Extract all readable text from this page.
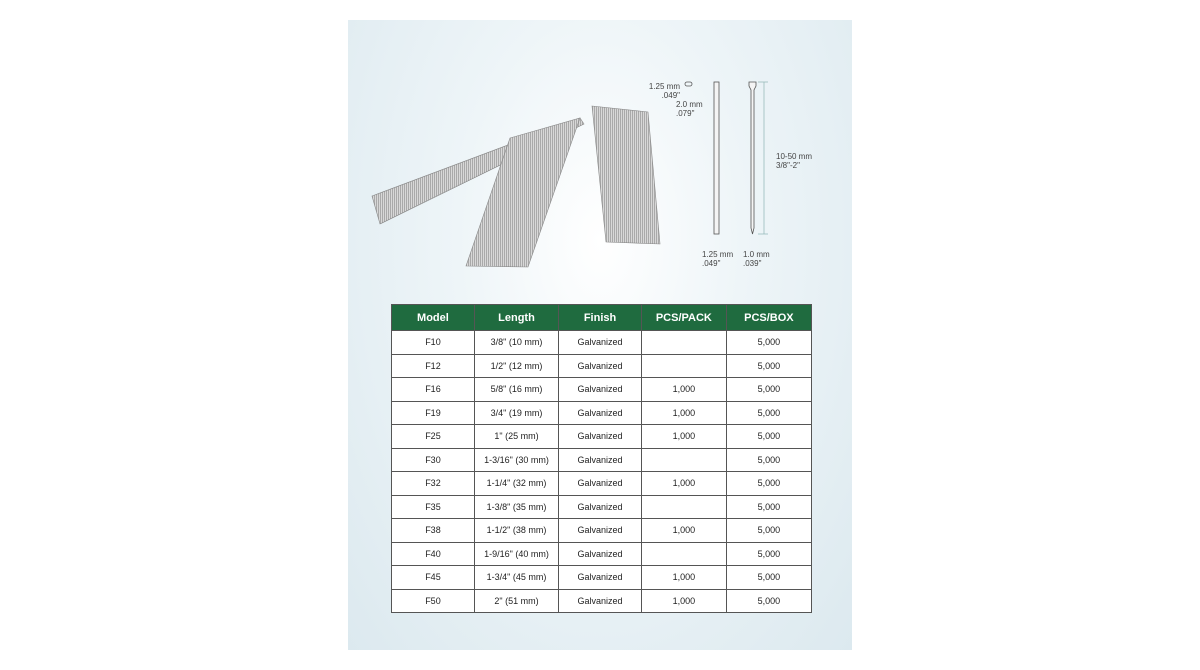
1.25 mm
.049"
2.0 mm
.079"
10-50 mm
3/8"-2"
1.25 mm
.049"
1.0 mm
.039"
Model	Length	Finish	PCS/PACK	PCS/BOX
F10	3/8" (10 mm)	Galvanized		5,000
F12	1/2" (12 mm)	Galvanized		5,000
F16	5/8" (16 mm)	Galvanized	1,000	5,000
F19	3/4" (19 mm)	Galvanized	1,000	5,000
F25	1" (25 mm)	Galvanized	1,000	5,000
F30	1-3/16" (30 mm)	Galvanized		5,000
F32	1-1/4" (32 mm)	Galvanized	1,000	5,000
F35	1-3/8" (35 mm)	Galvanized		5,000
F38	1-1/2" (38 mm)	Galvanized	1,000	5,000
F40	1-9/16" (40 mm)	Galvanized		5,000
F45	1-3/4" (45 mm)	Galvanized	1,000	5,000
F50	2" (51 mm)	Galvanized	1,000	5,000
